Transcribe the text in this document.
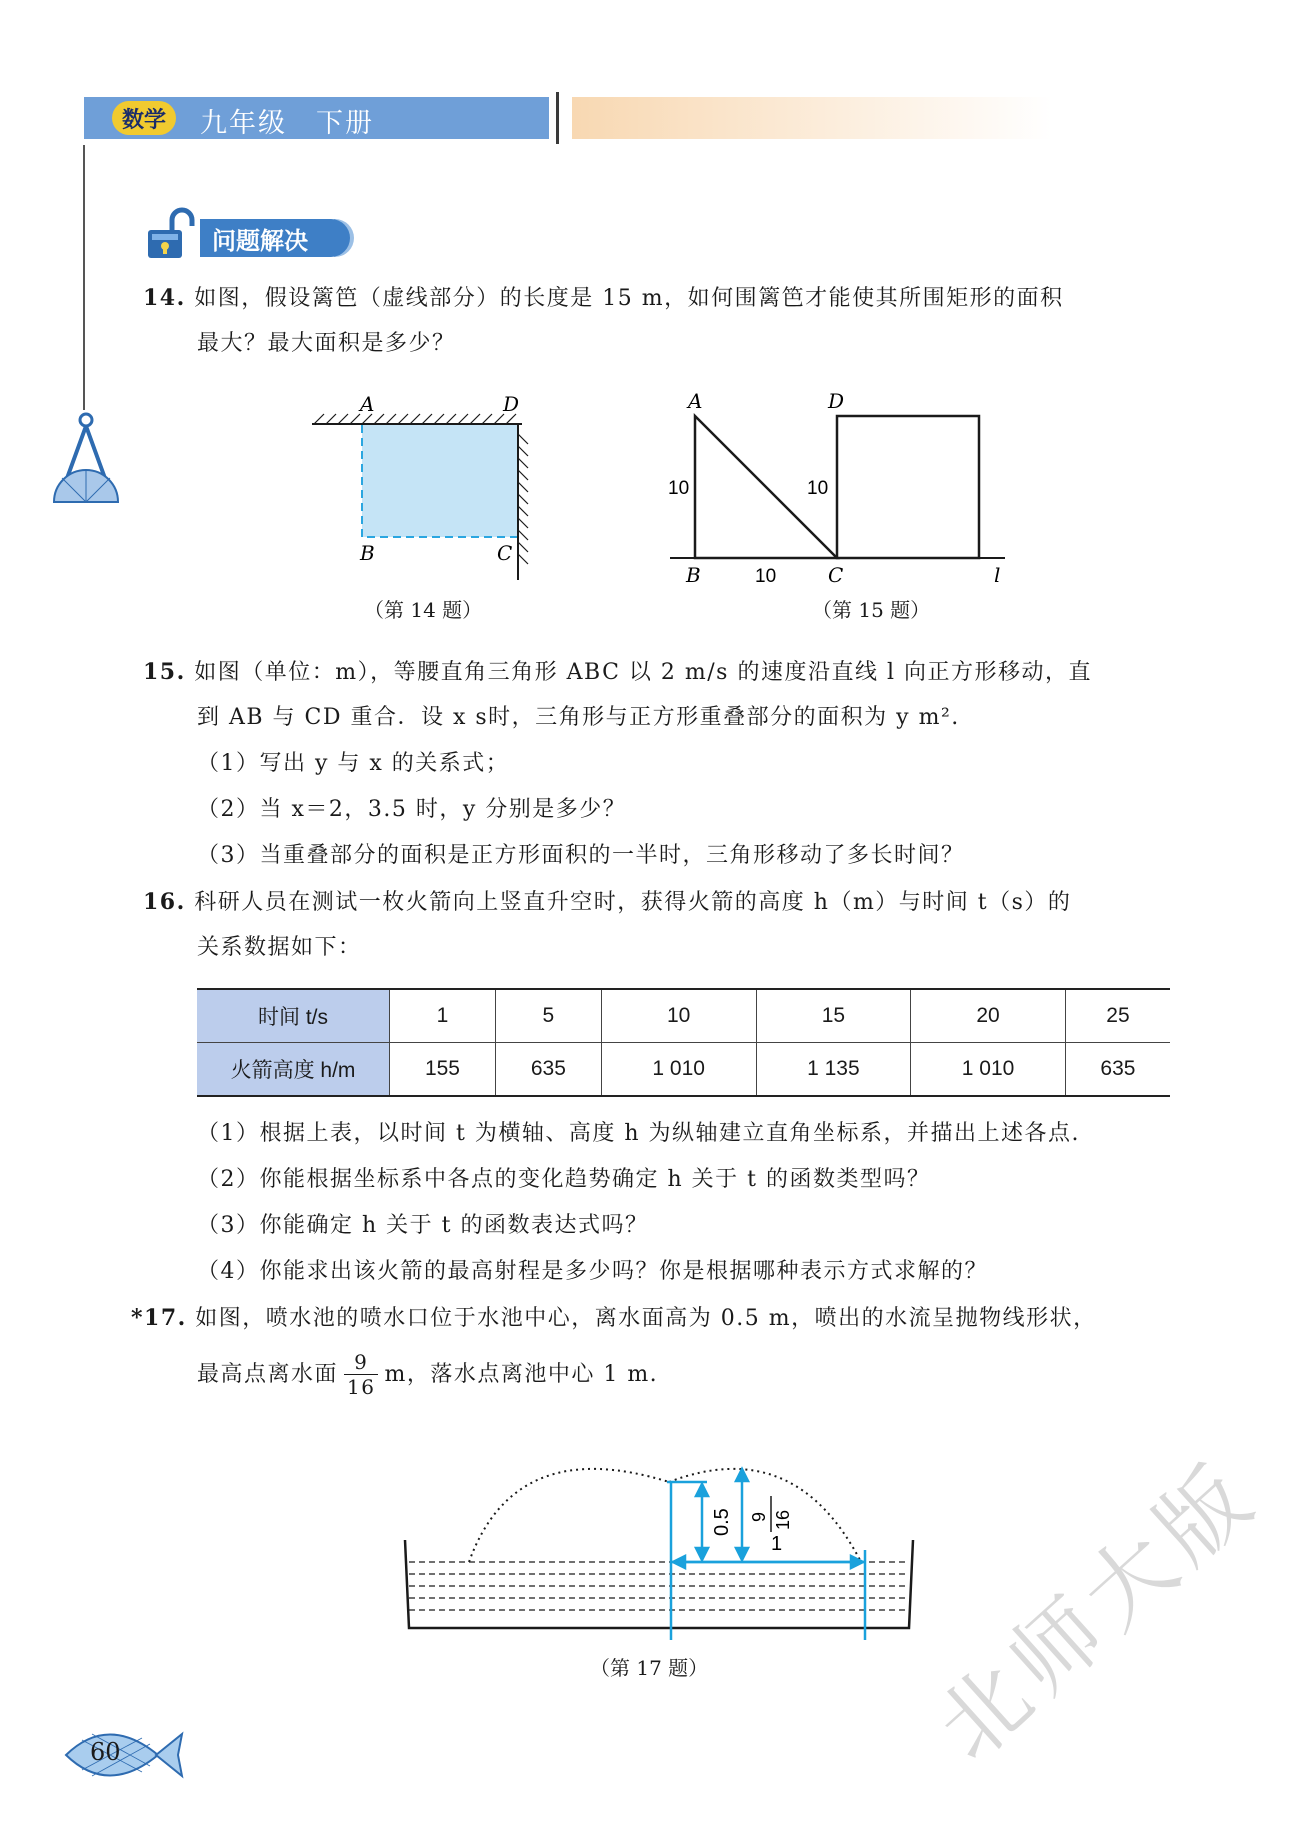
数学	九年级　下册
问题解决
14. 如图，假设篱笆（虚线部分）的长度是 15 m，如何围篱笆才能使其所围矩形的面积
最大？最大面积是多少？
A	D
B	C
（第 14 题）
A	D
B	C	l
10	10
10
（第 15 题）
15. 如图（单位：m），等腰直角三角形 ABC 以 2 m/s 的速度沿直线 l 向正方形移动，直
到 AB 与 CD 重合．设 x s时，三角形与正方形重叠部分的面积为 y m².
（1）写出 y 与 x 的关系式；
（2）当 x＝2，3.5 时，y 分别是多少？
（3）当重叠部分的面积是正方形面积的一半时，三角形移动了多长时间？
16. 科研人员在测试一枚火箭向上竖直升空时，获得火箭的高度 h（m）与时间 t（s）的
关系数据如下：
时间 t/s	1	5	10	15	20	25
火箭高度 h/m	155	635	1 010	1 135	1 010	635
（1）根据上表，以时间 t 为横轴、高度 h 为纵轴建立直角坐标系，并描出上述各点.
（2）你能根据坐标系中各点的变化趋势确定 h 关于 t 的函数类型吗？
（3）你能确定 h 关于 t 的函数表达式吗？
（4）你能求出该火箭的最高射程是多少吗？你是根据哪种表示方式求解的？
*17. 如图，喷水池的喷水口位于水池中心，离水面高为 0.5 m，喷出的水流呈抛物线形状，
最高点离水面 $\frac{9}{16}$ m，落水点离池中心 1 m.
0.5 9 16
1
（第 17 题）
60	北师大版
